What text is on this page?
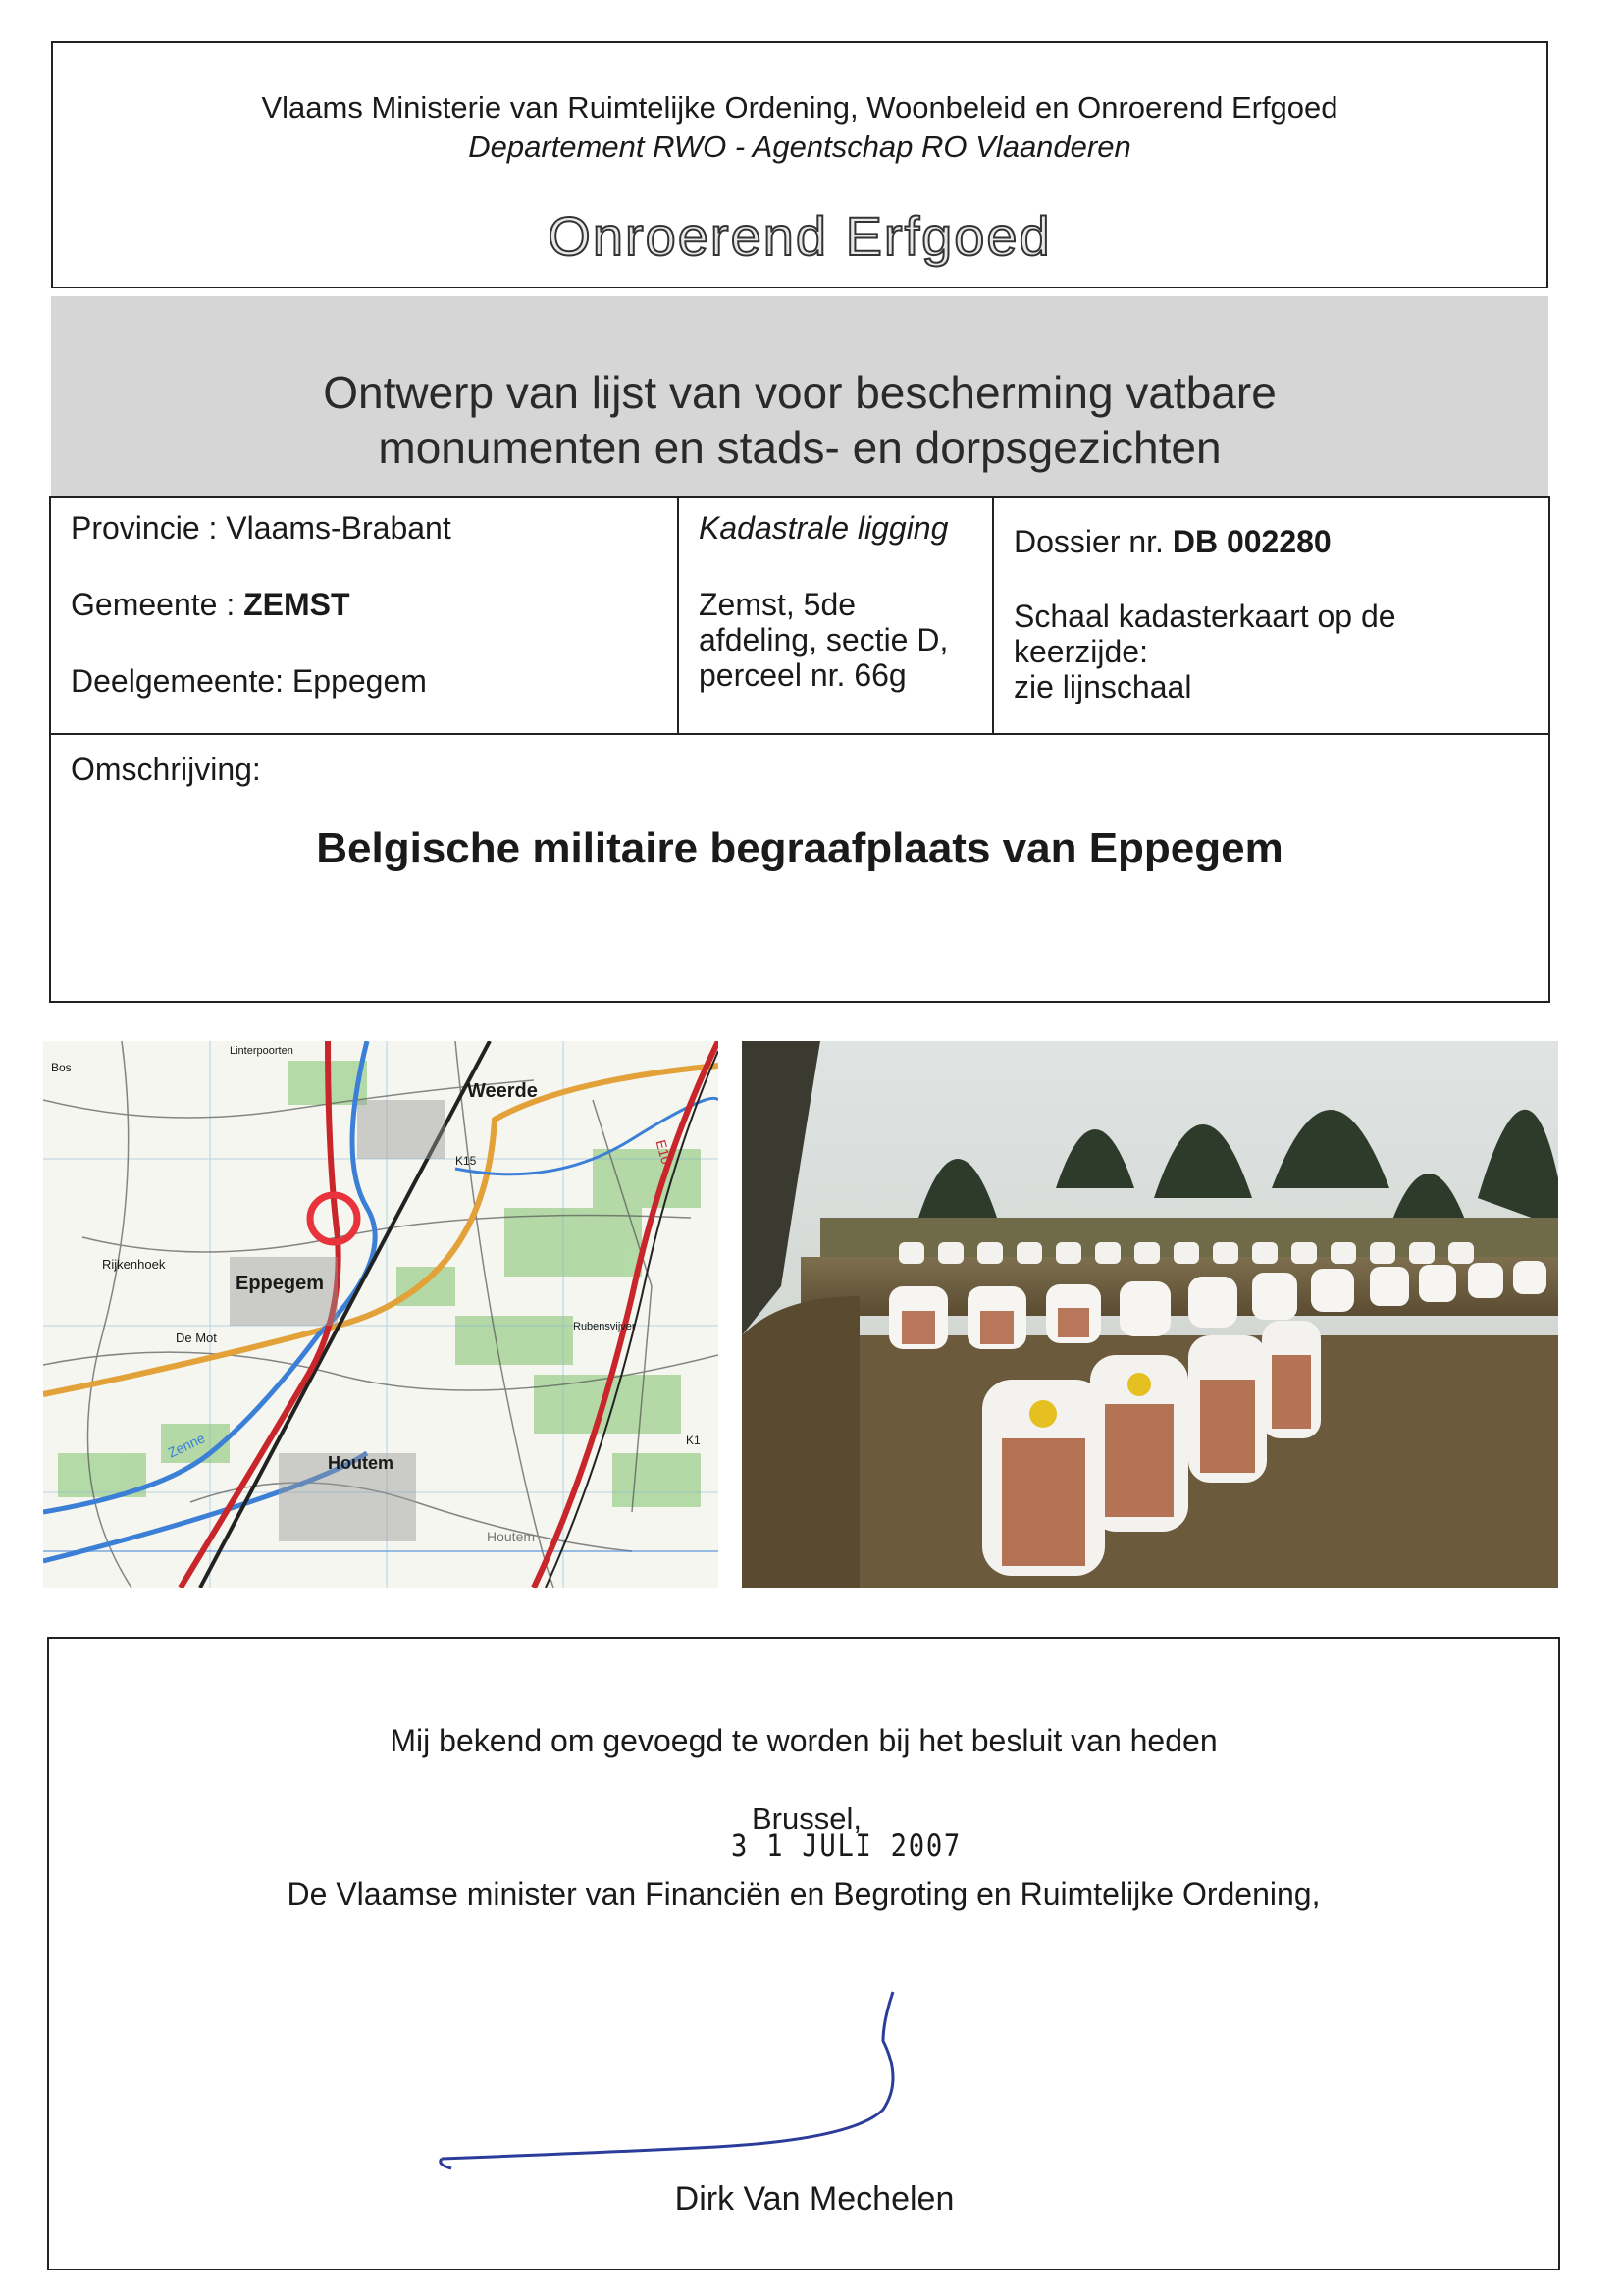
Vlaams Ministerie van Ruimtelijke Ordening, Woonbeleid en Onroerend Erfgoed
Departement RWO - Agentschap RO Vlaanderen
Onroerend Erfgoed
Ontwerp van lijst van voor bescherming vatbare
monumenten en stads- en dorpsgezichten
Provincie : Vlaams-Brabant
Gemeente : ZEMST
Deelgemeente: Eppegem
Kadastrale ligging
Zemst, 5de
afdeling, sectie D,
perceel nr. 66g
Dossier nr. DB 002280
Schaal kadasterkaart op de
keerzijde:
zie lijnschaal
Omschrijving:
Belgische militaire begraafplaats van Eppegem
Weerde
Eppegem
Houtem
De Mot
Rijkenhoek
E10
K15
K1
Zenne
Bos
Houtem
Linterpoorten
Rubensvijver
Mij bekend om gevoegd te worden bij het besluit van heden
Brussel,
3 1 JULI 2007
De Vlaamse minister van Financiën en Begroting en Ruimtelijke Ordening,
Dirk Van Mechelen
